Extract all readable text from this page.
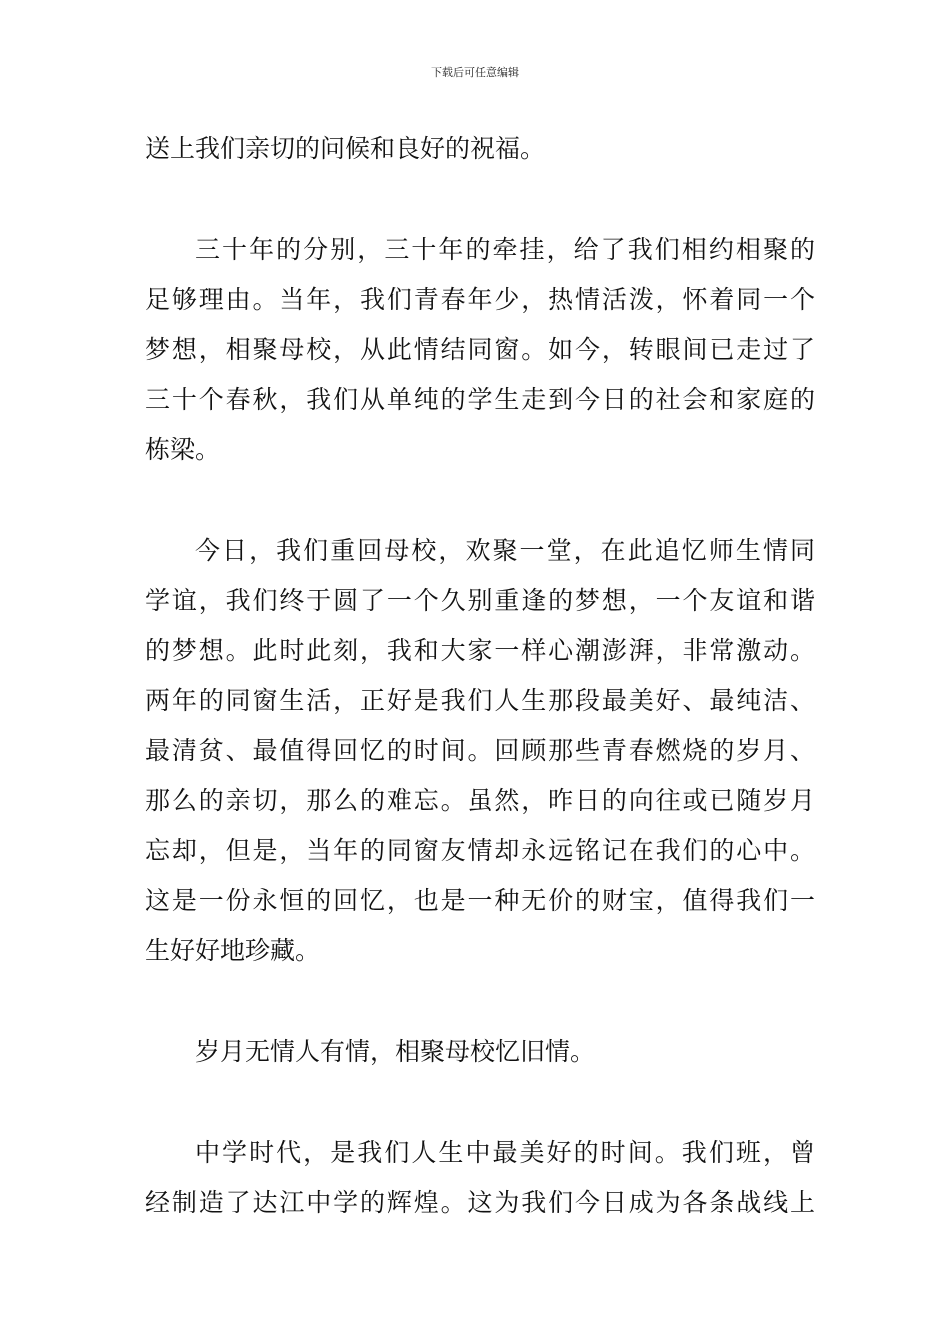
下载后可任意编辑
送上我们亲切的问候和良好的祝福。
三十年的分别，三十年的牵挂，给了我们相约相聚的
足够理由。当年，我们青春年少，热情活泼，怀着同一个
梦想，相聚母校，从此情结同窗。如今，转眼间已走过了
三十个春秋，我们从单纯的学生走到今日的社会和家庭的
栋梁。
今日，我们重回母校，欢聚一堂，在此追忆师生情同
学谊，我们终于圆了一个久别重逢的梦想，一个友谊和谐
的梦想。此时此刻，我和大家一样心潮澎湃，非常激动。
两年的同窗生活，正好是我们人生那段最美好、最纯洁、
最清贫、最值得回忆的时间。回顾那些青春燃烧的岁月、
那么的亲切，那么的难忘。虽然，昨日的向往或已随岁月
忘却，但是，当年的同窗友情却永远铭记在我们的心中。
这是一份永恒的回忆，也是一种无价的财宝，值得我们一
生好好地珍藏。
岁月无情人有情，相聚母校忆旧情。
中学时代，是我们人生中最美好的时间。我们班，曾
经制造了达江中学的辉煌。这为我们今日成为各条战线上
